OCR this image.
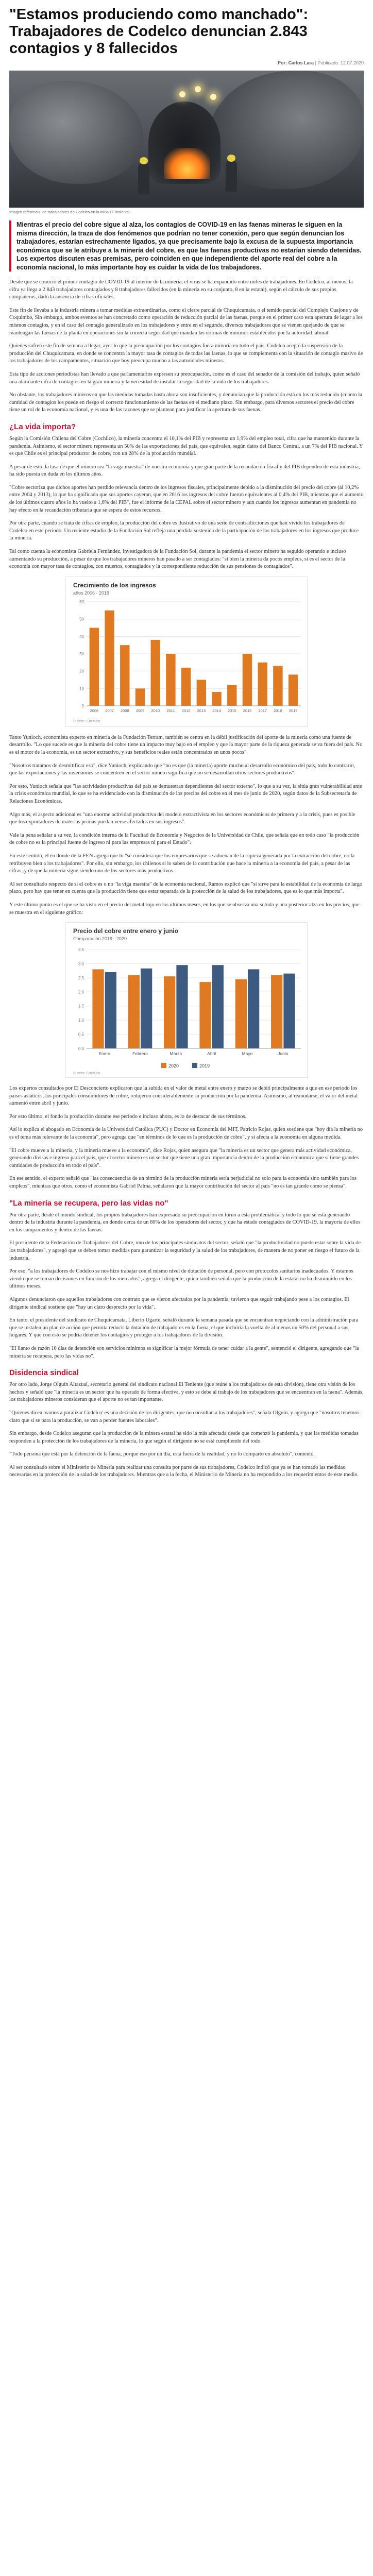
"Estamos produciendo como manchado": Trabajadores de Codelco denuncian 2.843 contagios y 8 fallecidos
Por: Carlos Lara | Publicado: 12.07.2020
Imagen referencial de trabajadores de Codelco en la mina El Teniente.
Mientras el precio del cobre sigue al alza, los contagios de COVID-19 en las faenas mineras le siguen en la misma dirección, la traza de dos fenómenos que podrían no tener conexión, pero que según denuncian los trabajadores, estarían estrechamente ligados, ya que precisamente bajo la excusa de la supuesta importancia económica que se le atribuye a la minería del cobre, es que las faenas productivas no estarían siendo detenidas. Los expertos discuten esas premisas, pero coinciden en que independiente del aporte real del cobre a la economía nacional, lo más importante hoy es cuidar la vida de los trabajadores.

Desde que se conoció el primer contagio de COVID-19 al interior de la minería, el virus se ha expandido entre miles de trabajadores. En Codelco, al menos, la cifra ya llega a 2.843 trabajadores contagiados y 8 trabajadores fallecidos (en la minería en su conjunto, 8 en la estatal), según el cálculo de sus propios compañeros, dado la ausencia de cifras oficiales.

Este fin de llevaba a la industria minera a tomar medidas extraordinarias, como el cierre parcial de Chuquicamata, o el temido parcial del Complejo Cuajone y de Coquimbo, Sin embargo, ambos eventos se han concretado como operación de reducción parcial de las faenas, porque en el primer caso esta apertura de lugar a los mismos contagios, y en el caso del contagio generalizado en los trabajadores y entre en el segundo, diversos trabajadores que se vienen quejando de que se mantengan las faenas de la planta en operaciones sin la correcta seguridad que mandan las normas de mínimos establecidos por la autoridad laboral.

Quienes sufren este fin de semana a llegar, ayer lo que la preocupación por los contagios fuera minoría en todo el país, Codelco aceptó la suspensión de la producción del Chuquicamata, en donde se concentra la mayor tasa de contagios de todas las faenas, lo que se complementa con la situación de contagio masivo de los trabajadores de los campamentos, situación que hoy preocupa mucho a las autoridades mineras.

Esta tipo de acciones periodistas han llevado a que parlamentarios expresen su preocupación, como es el caso del senador de la comisión del trabajo, quien señaló una alarmante cifra de contagios en la gran minería y la necesidad de instalar la seguridad de la vida de los trabajadores.

No obstante, los trabajadores mineros en que las medidas tomadas hasta ahora son insuficientes, y denuncian que la producción está en los más reducido (cuanto la cantidad de contagios los puede en riesgo el correcto funcionamiento de las faenas en el mediano plazo. Sin embargo, para diversos sectores el precio del cobre tiene un rol de la economía nacional, y es una de las razones que se plantean para justificar la apertura de sus faenas.

¿La vida importa?

Según la Comisión Chilena del Cobre (Cochilco), la minería concentra el 10,1% del PIB y representa un 1,9% del empleo total, cifra que ha mantenido durante la pandemia. Asimismo, el sector minero representa un 50% de las exportaciones del país, que equivalen, según datos del Banco Central, a un 7% del PIB nacional. Y es que Chile es el principal productor de cobre, con un 28% de la producción mundial.

A pesar de esto, la tasa de que el minero sea "la vaga maestra" de nuestra economía y que gran parte de la recaudación fiscal y del PIB dependen de esta industria, ha sido puesta en duda en los últimos años.

"Cobre sectoriza que dichos aportes han perdido relevancia dentro de los ingresos fiscales, principalmente debido a la disminución del precio del cobre (al 10,2% entre 2004 y 2013), lo que ha significado que sus aportes cayeran, que en 2016 los ingresos del cobre fueron equivalentes al 0,4% del PIB, mientras que el aumento de los últimos cuatro años lo ha vuelto a 1,6% del PIB", fue el informe de la CEPAL sobre el sector minero y aun cuando los ingresos aumentan en pandemia no hay efecto en la recaudación tributaria que se espera de estos recursos.

Por otra parte, cuando se trata de cifras de empleo, la producción del cobre es ilustrativo de una serie de contradicciones que han vivido los trabajadores de Codelco en este periodo. Un reciente estudio de la Fundación Sol refleja una pérdida sostenida de la participación de los trabajadores en los ingresos que produce la minería.

Tal como cuenta la economista Gabriela Fernández, investigadora de la Fundación Sol, durante la pandemia el sector minero ha seguido operando e incluso aumentando su producción, a pesar de que los trabajadores mineros han pasado a ser contagiados: "si bien la minería da pocos empleos, sí es el sector de la economía con mayor tasa de contagios, con muertos, contagiados y la correspondiente reducción de sus pensiones de contagiados".

Crecimiento de los ingresos
años 2006 - 2019
0
10
20
30
40
50
60
2006 2007 2008 2009 2010 2011 2012 2013 2014 2015 2016 2017 2018 2019
Fuente: Cochilco

Tanto Yunioch, economista experto en minería de la Fundación Terram, también se centra en la débil justificación del aporte de la minería como una fuente de desarrollo. "Lo que sucede es que la minería del cobre tiene un impacto muy bajo en el empleo y que la mayor parte de la riqueza generada se va fuera del país. No es el motor de la economía, es un sector extractivo, y sus beneficios reales están concentrados en unos pocos".

"Nosotros tratamos de desmitificar eso", dice Yunioch, explicando que "no es que (la minería) aporte mucho al desarrollo económico del país, todo lo contrario, que las exportaciones y las inversiones se concentren en el sector minero significa que no se desarrollan otros sectores productivos".

Por esto, Yunioch señala que "las actividades productivas del país se demuestran dependientes del sector externo", lo que a su vez, la sitúa gran vulnerabilidad ante la crisis económica mundial, lo que se ha evidenciado con la disminución de los precios del cobre en el mes de junio de 2020, según datos de la Subsecretaría de Relaciones Económicas.

Algo más, el aspecto adicional es "una enorme actividad productiva del modelo extractivista en los sectores económicos de primera y a la crisis, pues es posible que los exportadores de materias primas puedan verse afectados en sus ingresos".

Vale la pena señalar a su vez, la condición interna de la Facultad de Economía y Negocios de la Universidad de Chile, que señala que en todo caso "la producción de cobre no es la principal fuente de ingreso ni para las empresas ni para el Estado".

En este sentido, el en donde de la FEN agrega que lo "se considera que los empresarios que se adueñan de la riqueza generada por la extracción del cobre, no la retribuyen bien a los trabajadores". Por ello, sin embargo, los chilenos sí lo saben de la contribución que hace la minería a la economía del país, a pesar de las cifras, y de que la minería sigue siendo uno de los sectores más productivos.

Al ser consultado respecto de si el cobre es o no "la viga maestra" de la economía nacional, Ramos explicó que "sí sirve para la estabilidad de la economía de largo plazo, pero hay que tener en cuenta que la producción tiene que estar separada de la protección de la salud de los trabajadores, que es lo que más importa".

Y este último punto es el que se ha visto en el precio del metal rojo en los últimos meses, en los que se observa una subida y una posterior alza en los precios, que se muestra en el siguiente gráfico:

Precio del cobre entre enero y junio
Comparación 2019 - 2020
0.0
0.5
1.0
1.5
2.0
2.5
3.0
3.5
Enero	Febrero	Marzo	Abril	Mayo	Junio
2020	2019
Fuente: Cochilco

Los expertos consultados por El Desconcierto explicaron que la subida en el valor de metal entre enero y marzo se debió principalmente a que en ese periodo los países asiáticos, los principales consumidores de cobre, redujeron considerablemente su producción por la pandemia. Asimismo, al reanudarse, el valor del metal aumentó entre abril y junio.

Por esto último, el fondo la producción durante ese período e incluso ahora, es lo de destacar de sus términos.

Así lo explica el abogado en Economía de la Universidad Católica (PUC) y Doctor en Economía del MIT, Patricio Rojas, quien sostiene que "hoy día la minería no es el tema más relevante de la economía", pero agrega que "en términos de lo que es la producción de cobre", y sí afecta a la economía en alguna medida.

"El cobre mueve a la minería, y la minería mueve a la economía", dice Rojas, quien asegura que "la minería es un sector que genera más actividad económica, generando divisas e ingreso para el país, que el sector minero es un sector que tiene una gran importancia dentro de la producción económica que sí tiene grandes cantidades de producción en todo el país".

En ese sentido, el experto señaló que "las consecuencias de un término de la producción minería sería perjudicial no solo para la economía sino también para los empleos", mientras que otros, como el economista Gabriel Palma, señalaron que la mayor contribución del sector al país "no es tan grande como se piensa".

"La minería se recupera, pero las vidas no"

Por otra parte, desde el mundo sindical, los propios trabajadores han expresado su preocupación en torno a esta problemática, y todo lo que se está generando dentro de la industria durante la pandemia, en donde cerca de un 80% de los operadores del sector, y que ha estado contagiados de COVID-19, la mayoría de ellos en los campamentos y dentro de las faenas.

El presidente de la Federación de Trabajadores del Cobre, uno de los principales sindicatos del sector, señaló que "la productividad no puede estar sobre la vida de los trabajadores", y agregó que se deben tomar medidas para garantizar la seguridad y la salud de los trabajadores, de manera de no poner en riesgo el futuro de la industria.

Por eso, "a los trabajadores de Codelco se nos hizo trabajar con el mismo nivel de dotación de personal, pero con protocolos sanitarios inadecuados. Y estamos viendo que se toman decisiones en función de los mercados", agrega el dirigente, quien también señala que la producción de la estatal no ha disminuido en los últimos meses.

Algunos denunciaron que aquellos trabajadores con contrato que se vieron afectados por la pandemia, tuvieron que seguir trabajando pese a los contagios. El dirigente sindical sostiene que "hay un claro desprecio por la vida".

En tanto, el presidente del sindicato de Chuquicamata, Liberio Ugarte, señaló durante la semana pasada que se encuentran negociando con la administración para que se instalen un plan de acción que permita reducir la dotación de trabajadores en la faena, el que incluiría la vuelta de al menos un 50% del personal a sus hogares. Y que con esto se podría detener los contagios y proteger a los trabajadores de la división.

"El llanto de razón 10 días de detención son servicios mínimos es significar la mejor fórmula de tener cuidar a la gente", sentenció el dirigente, agregando que "la minería se recupera, pero las vidas no".

Disidencia sindical

Por otro lado, Jorge Olguín Altazual, secretario general del sindicato nacional El Teniente (que reúne a los trabajadores de esta división), tiene otra visión de los hechos y señaló que "la minería es un sector que ha operado de forma efectiva, y esto se debe al trabajo de los trabajadores que se encuentran en la faena". Además, los trabajadores mineros consideran que el aporte no es tan importante.

"Quienes dicen 'vamos a paralizar Codelco' es una decisión de los dirigentes, que no consultan a los trabajadores", señala Olguín, y agrega que "nosotros tenemos claro que si se para la producción, se van a perder fuentes laborales".

Sin embargo, desde Codelco aseguran que la producción de la minera estatal ha sido la más afectada desde que comenzó la pandemia, y que las medidas tomadas responden a la protección de los trabajadores de la minería, lo que según el dirigente no se está cumpliendo del todo.

"Todo persona que está por la detención de la faena, porque eso por un día, está fuera de la realidad, y no lo comparto en absoluto", comentó.

Al ser consultado sobre el Ministerio de Minería para realizar una consulta por parte de sus trabajadores, Codelco indicó que ya se han tomado las medidas necesarias en la protección de la salud de los trabajadores. Mientras que a la fecha, el Ministerio de Minería no ha respondido a los requerimientos de este medio.
